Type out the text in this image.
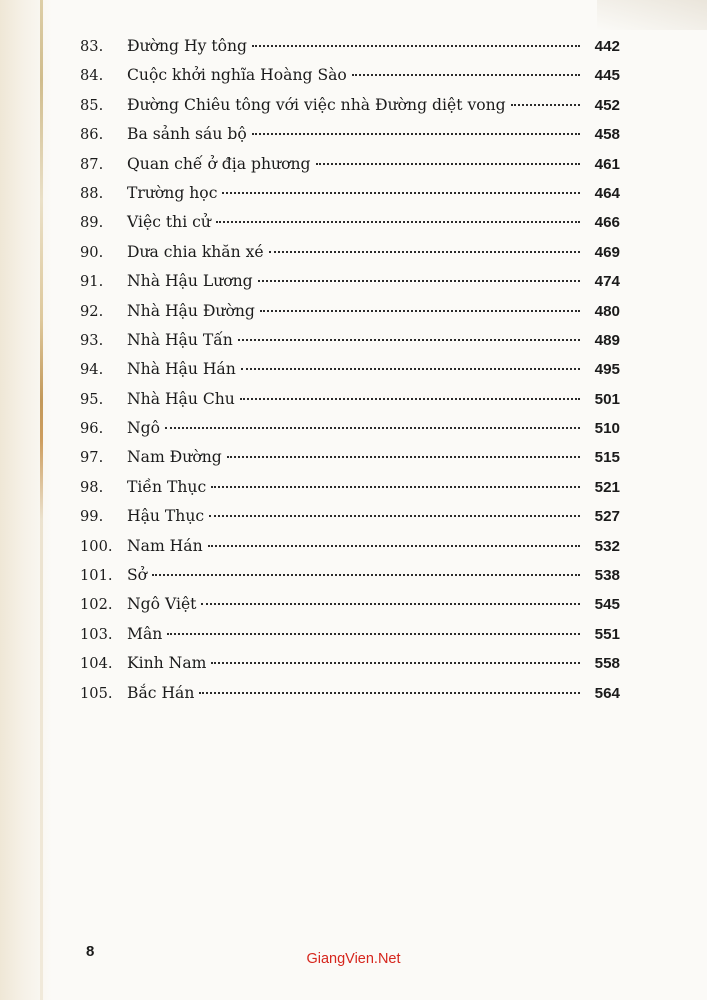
83.	Đường Hy tông	442
84.	Cuộc khởi nghĩa Hoàng Sào	445
85.	Đường Chiêu tông với việc nhà Đường diệt vong	452
86.	Ba sảnh sáu bộ	458
87.	Quan chế ở địa phương	461
88.	Trường học	464
89.	Việc thi cử	466
90.	Dưa chia khăn xé	469
91.	Nhà Hậu Lương	474
92.	Nhà Hậu Đường	480
93.	Nhà Hậu Tấn	489
94.	Nhà Hậu Hán	495
95.	Nhà Hậu Chu	501
96.	Ngô	510
97.	Nam Đường	515
98.	Tiền Thục	521
99.	Hậu Thục	527
100. Nam Hán	532
101. Sở	538
102. Ngô Việt	545
103. Mân	551
104. Kinh Nam	558
105. Bắc Hán	564
8	GiangVien.Net
